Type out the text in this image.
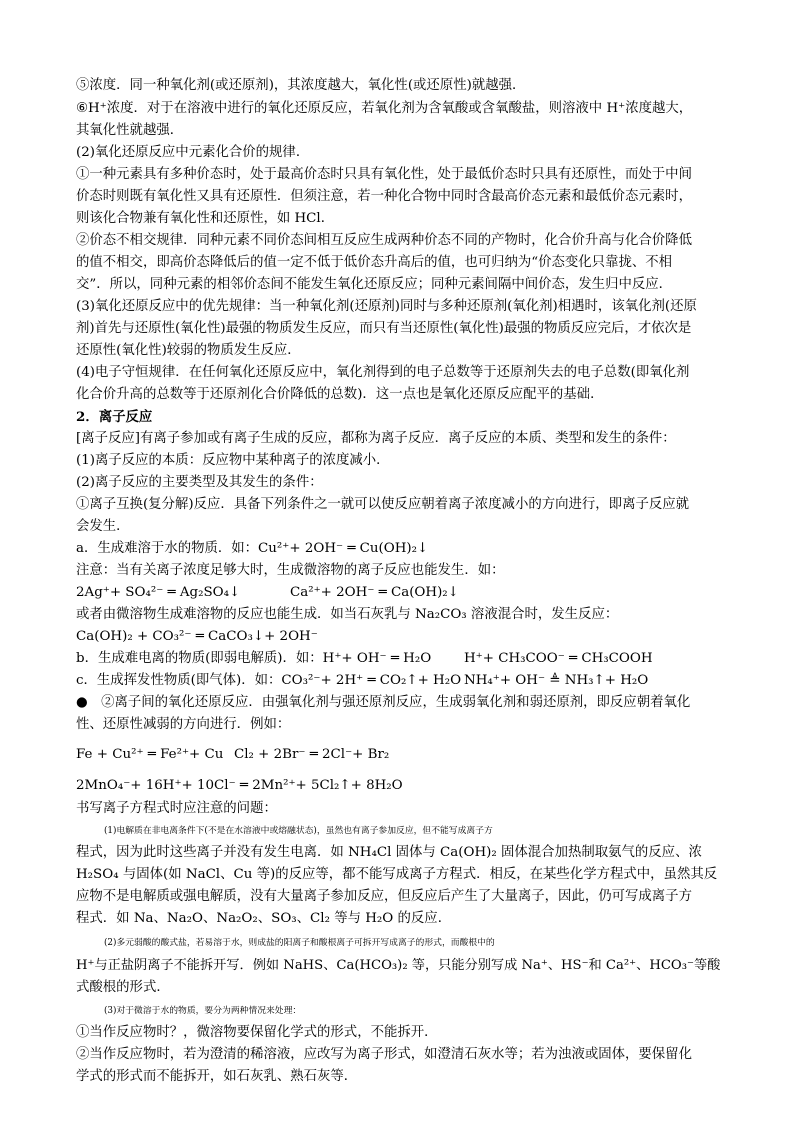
⑤浓度．同一种氧化剂(或还原剂)，其浓度越大，氧化性(或还原性)就越强．
⑥H⁺浓度．对于在溶液中进行的氧化还原反应，若氧化剂为含氧酸或含氧酸盐，则溶液中 H⁺浓度越大，
其氧化性就越强．
(2)氧化还原反应中元素化合价的规律．
①一种元素具有多种价态时，处于最高价态时只具有氧化性，处于最低价态时只具有还原性，而处于中间
价态时则既有氧化性又具有还原性．但须注意，若一种化合物中同时含最高价态元素和最低价态元素时，
则该化合物兼有氧化性和还原性，如 HCl．
②价态不相交规律．同种元素不同价态间相互反应生成两种价态不同的产物时，化合价升高与化合价降低
的值不相交，即高价态降低后的值一定不低于低价态升高后的值，也可归纳为“价态变化只靠拢、不相
交”．所以，同种元素的相邻价态间不能发生氧化还原反应；同种元素间隔中间价态，发生归中反应．
(3)氧化还原反应中的优先规律：当一种氧化剂(还原剂)同时与多种还原剂(氧化剂)相遇时，该氧化剂(还原
剂)首先与还原性(氧化性)最强的物质发生反应，而只有当还原性(氧化性)最强的物质反应完后，才依次是
还原性(氧化性)较弱的物质发生反应．
(4)电子守恒规律．在任何氧化还原反应中，氧化剂得到的电子总数等于还原剂失去的电子总数(即氧化剂
化合价升高的总数等于还原剂化合价降低的总数)．这一点也是氧化还原反应配平的基础．
2．离子反应
[离子反应]有离子参加或有离子生成的反应，都称为离子反应．离子反应的本质、类型和发生的条件：
(1)离子反应的本质：反应物中某种离子的浓度减小．
(2)离子反应的主要类型及其发生的条件：
①离子互换(复分解)反应．具备下列条件之一就可以使反应朝着离子浓度减小的方向进行，即离子反应就
会发生．
a．生成难溶于水的物质．如：Cu²⁺+ 2OH⁻ ═ Cu(OH)₂↓
注意：当有关离子浓度足够大时，生成微溶物的离子反应也能发生．如：
2Ag⁺+ SO₄²⁻ ═ Ag₂SO₄↓	Ca²⁺+ 2OH⁻ ═ Ca(OH)₂↓
或者由微溶物生成难溶物的反应也能生成．如当石灰乳与 Na₂CO₃ 溶液混合时，发生反应：
Ca(OH)₂ + CO₃²⁻ ═ CaCO₃↓+ 2OH⁻
b．生成难电离的物质(即弱电解质)．如：H⁺+ OH⁻ ═ H₂O	H⁺+ CH₃COO⁻ ═ CH₃COOH
c．生成挥发性物质(即气体)．如：CO₃²⁻+ 2H⁺ ═ CO₂↑+ H₂O NH₄⁺+ OH⁻ ≜ NH₃↑+ H₂O
●　②离子间的氧化还原反应．由强氧化剂与强还原剂反应，生成弱氧化剂和弱还原剂，即反应朝着氧化
性、还原性减弱的方向进行．例如：
Fe + Cu²⁺ ═ Fe²⁺+ Cu Cl₂ + 2Br⁻ ═ 2Cl⁻+ Br₂
2MnO₄⁻+ 16H⁺+ 10Cl⁻ ═ 2Mn²⁺+ 5Cl₂↑+ 8H₂O
书写离子方程式时应注意的问题：
(1)电解质在非电离条件下(不是在水溶液中或熔融状态)，虽然也有离子参加反应，但不能写成离子方
程式，因为此时这些离子并没有发生电离．如 NH₄Cl 固体与 Ca(OH)₂ 固体混合加热制取氨气的反应、浓
H₂SO₄ 与固体(如 NaCl、Cu 等)的反应等，都不能写成离子方程式．相反，在某些化学方程式中，虽然其反
应物不是电解质或强电解质，没有大量离子参加反应，但反应后产生了大量离子，因此，仍可写成离子方
程式．如 Na、Na₂O、Na₂O₂、SO₃、Cl₂ 等与 H₂O 的反应．
(2)多元弱酸的酸式盐，若易溶于水，则成盐的阳离子和酸根离子可拆开写成离子的形式，而酸根中的
H⁺与正盐阴离子不能拆开写．例如 NaHS、Ca(HCO₃)₂ 等，只能分别写成 Na⁺、HS⁻和 Ca²⁺、HCO₃⁻等酸
式酸根的形式．
(3)对于微溶于水的物质，要分为两种情况来处理：
①当作反应物时？，微溶物要保留化学式的形式，不能拆开．
②当作反应物时，若为澄清的稀溶液，应改写为离子形式，如澄清石灰水等；若为浊液或固体，要保留化
学式的形式而不能拆开，如石灰乳、熟石灰等．
